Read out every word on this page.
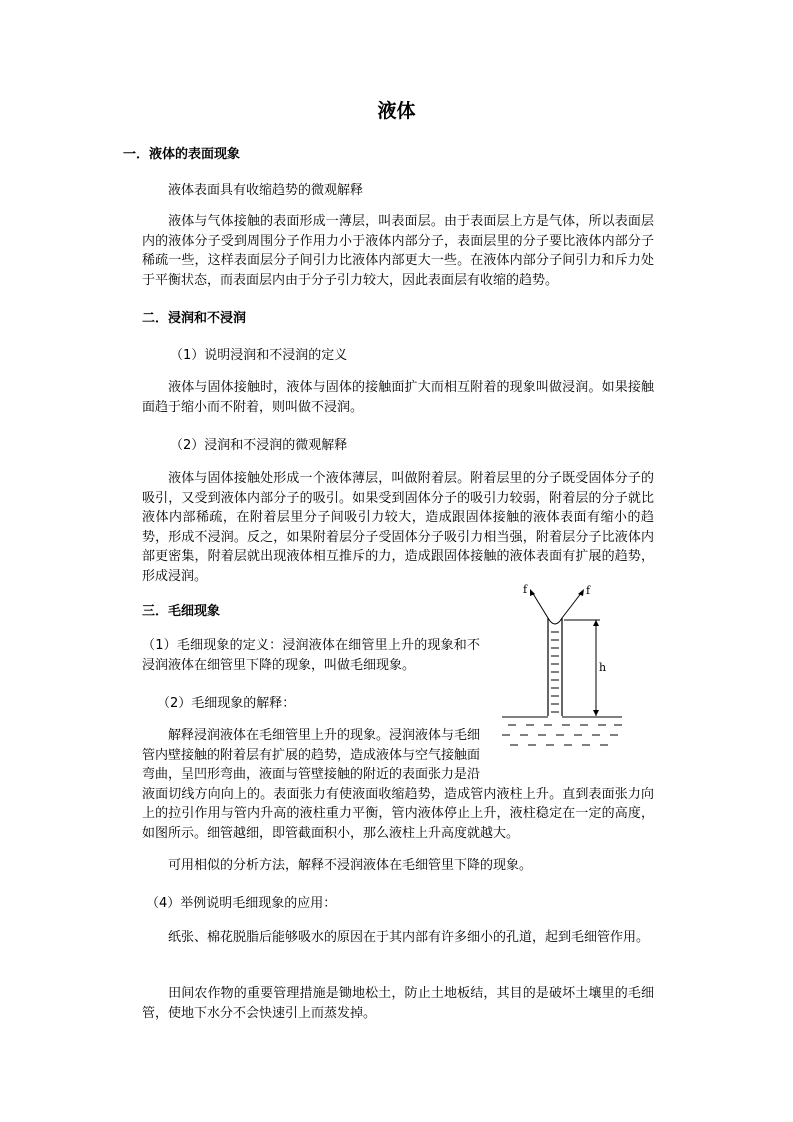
液体
一．液体的表面现象
液体表面具有收缩趋势的微观解释
液体与气体接触的表面形成一薄层，叫表面层。由于表面层上方是气体，所以表面层内的液体分子受到周围分子作用力小于液体内部分子，表面层里的分子要比液体内部分子稀疏一些，这样表面层分子间引力比液体内部更大一些。在液体内部分子间引力和斥力处于平衡状态，而表面层内由于分子引力较大，因此表面层有收缩的趋势。
二．浸润和不浸润
（1）说明浸润和不浸润的定义
液体与固体接触时，液体与固体的接触面扩大而相互附着的现象叫做浸润。如果接触面趋于缩小而不附着，则叫做不浸润。
（2）浸润和不浸润的微观解释
液体与固体接触处形成一个液体薄层，叫做附着层。附着层里的分子既受固体分子的吸引，又受到液体内部分子的吸引。如果受到固体分子的吸引力较弱，附着层的分子就比液体内部稀疏，在附着层里分子间吸引力较大，造成跟固体接触的液体表面有缩小的趋势，形成不浸润。反之，如果附着层分子受固体分子吸引力相当强，附着层分子比液体内部更密集，附着层就出现液体相互推斥的力，造成跟固体接触的液体表面有扩展的趋势，形成浸润。
三．毛细现象
（1）毛细现象的定义：浸润液体在细管里上升的现象和不浸润液体在细管里下降的现象，叫做毛细现象。
（2）毛细现象的解释：
解释浸润液体在毛细管里上升的现象。浸润液体与毛细管内壁接触的附着层有扩展的趋势，造成液体与空气接触面弯曲，呈凹形弯曲，液面与管壁接触的附近的表面张力是沿液面切线方向向上的。表面张力有使液面收缩趋势，造成管内液柱上升。直到表面张力向上的拉引作用与管内升高的液柱重力平衡，管内液体停止上升，液柱稳定在一定的高度，如图所示。细管越细，即管截面积小，那么液柱上升高度就越大。
可用相似的分析方法，解释不浸润液体在毛细管里下降的现象。
（4）举例说明毛细现象的应用：
纸张、棉花脱脂后能够吸水的原因在于其内部有许多细小的孔道，起到毛细管作用。
田间农作物的重要管理措施是锄地松土，防止土地板结，其目的是破坏土壤里的毛细管，使地下水分不会快速引上而蒸发掉。
f	f
h
